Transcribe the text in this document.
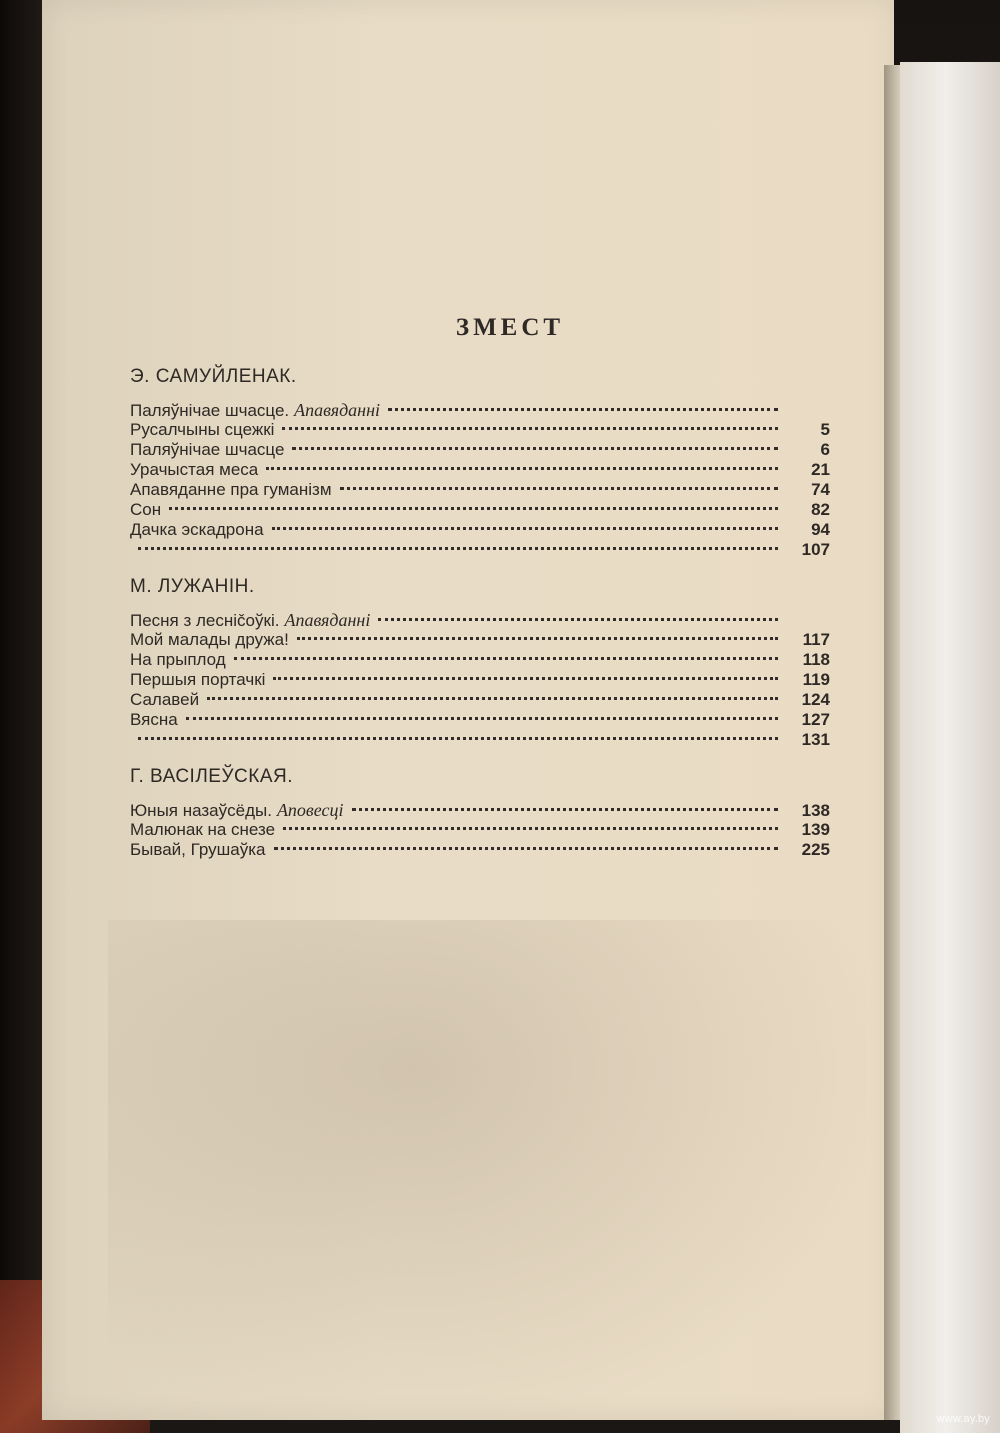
ЗМЕСТ
Э. САМУЙЛЕНАК.
Паляўнічае шчасце. Апавяданні
Русалчыны сцежкі	5
Паляўнічае шчасце	6
Урачыстая меса	21
Апавяданне пра гуманізм	74
Сон	82
Дачка эскадрона	94
107
М. ЛУЖАНІН.
Песня з лесніčоўкі. Апавяданні
Мой малады дружа!	117
На прыплод	118
Першыя портачкі	119
Салавей	124
Вясна	127
131
Г. ВАСІЛЕЎСКАЯ.
Юныя назаўсёды. Аповесці	138
Малюнак на снезе	139
Бывай, Грушаўка	225
www.ay.by
